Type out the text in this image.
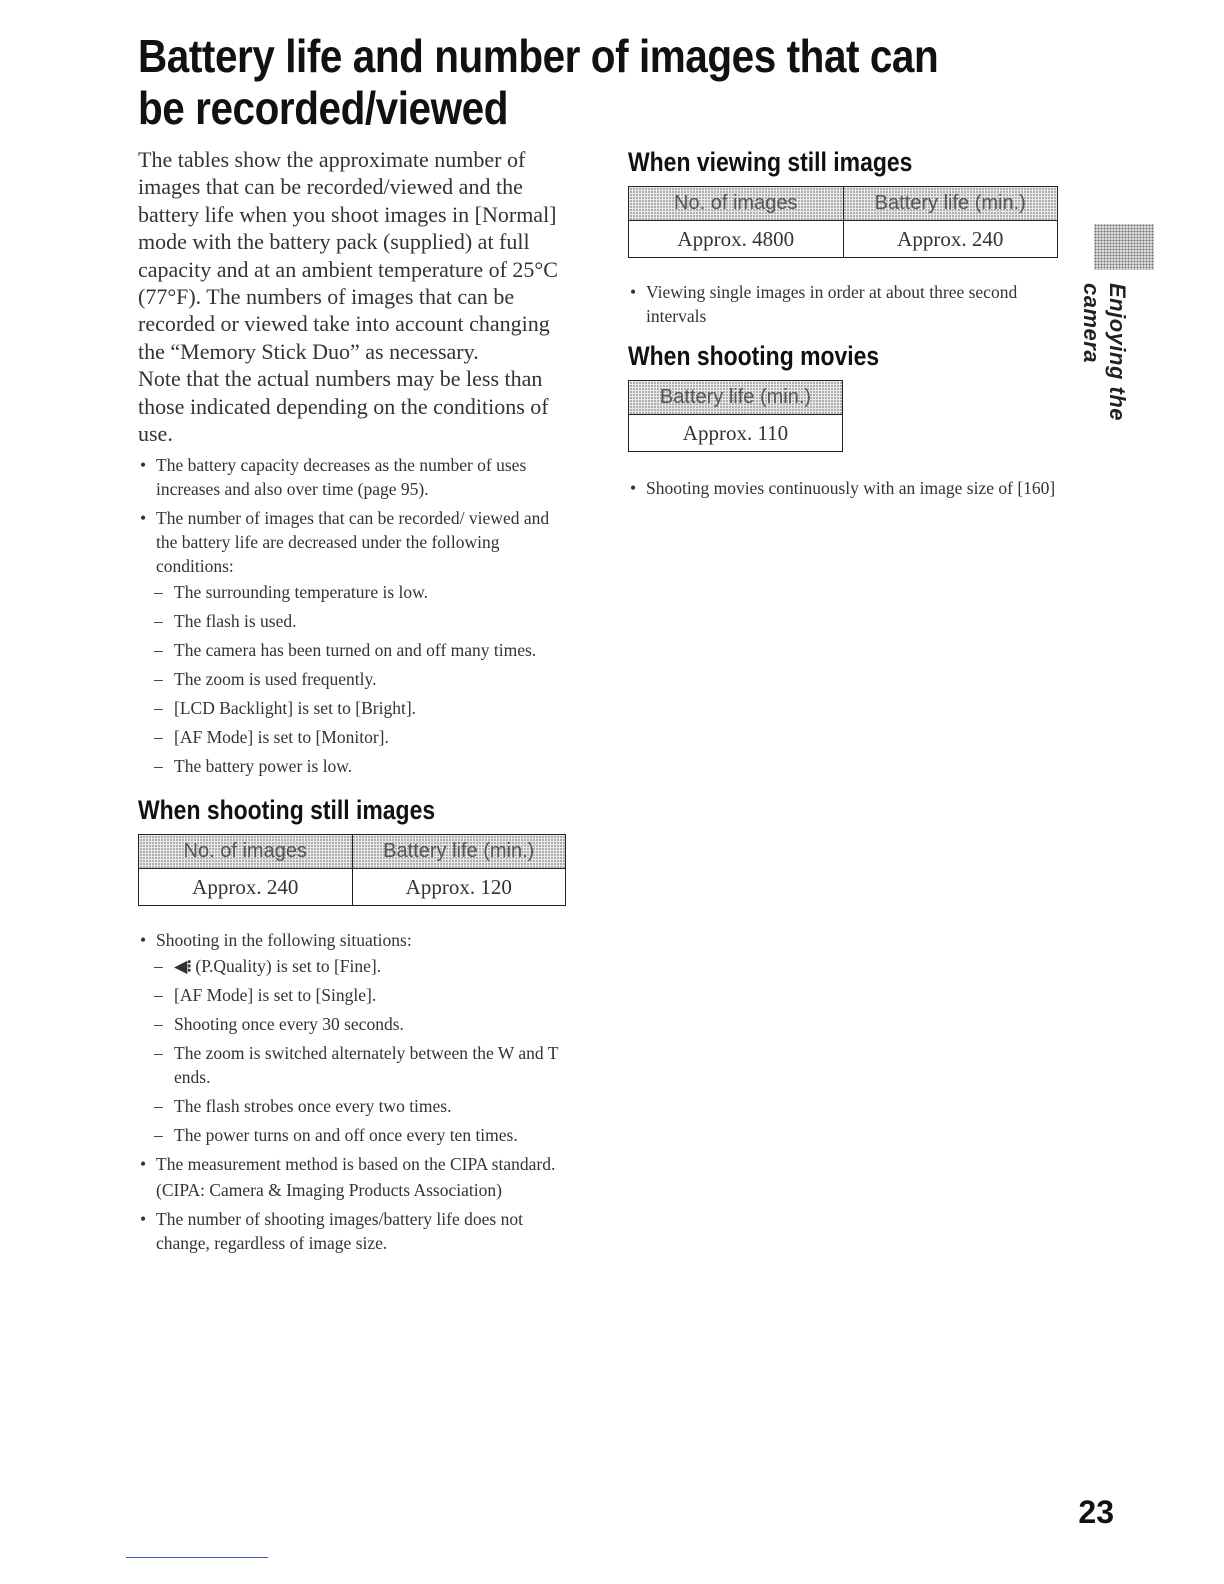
Battery life and number of images that can be recorded/viewed

The tables show the approximate number of images that can be recorded/viewed and the battery life when you shoot images in [Normal] mode with the battery pack (supplied) at full capacity and at an ambient temperature of 25°C (77°F). The numbers of images that can be recorded or viewed take into account changing the “Memory Stick Duo” as necessary.

Note that the actual numbers may be less than those indicated depending on the conditions of use.

• The battery capacity decreases as the number of uses increases and also over time (page 95).
• The number of images that can be recorded/ viewed and the battery life are decreased under the following conditions:
– The surrounding temperature is low.
– The flash is used.
– The camera has been turned on and off many times.
– The zoom is used frequently.
– [LCD Backlight] is set to [Bright].
– [AF Mode] is set to [Monitor].
– The battery power is low.
When shooting still images
No. of images	Battery life (min.)
Approx. 240	Approx. 120
• Shooting in the following situations:
– ◀⁝ (P.Quality) is set to [Fine].
– [AF Mode] is set to [Single].
– Shooting once every 30 seconds.
– The zoom is switched alternately between the W and T ends.
– The flash strobes once every two times.
– The power turns on and off once every ten times.
• The measurement method is based on the CIPA standard.

(CIPA: Camera & Imaging Products Association)

• The number of shooting images/battery life does not change, regardless of image size.
When viewing still images
No. of images	Battery life (min.)
Approx. 4800	Approx. 240
• Viewing single images in order at about three second intervals
When shooting movies
Battery life (min.)
Approx. 110
• Shooting movies continuously with an image size of [160]
Enjoying the camera
23
